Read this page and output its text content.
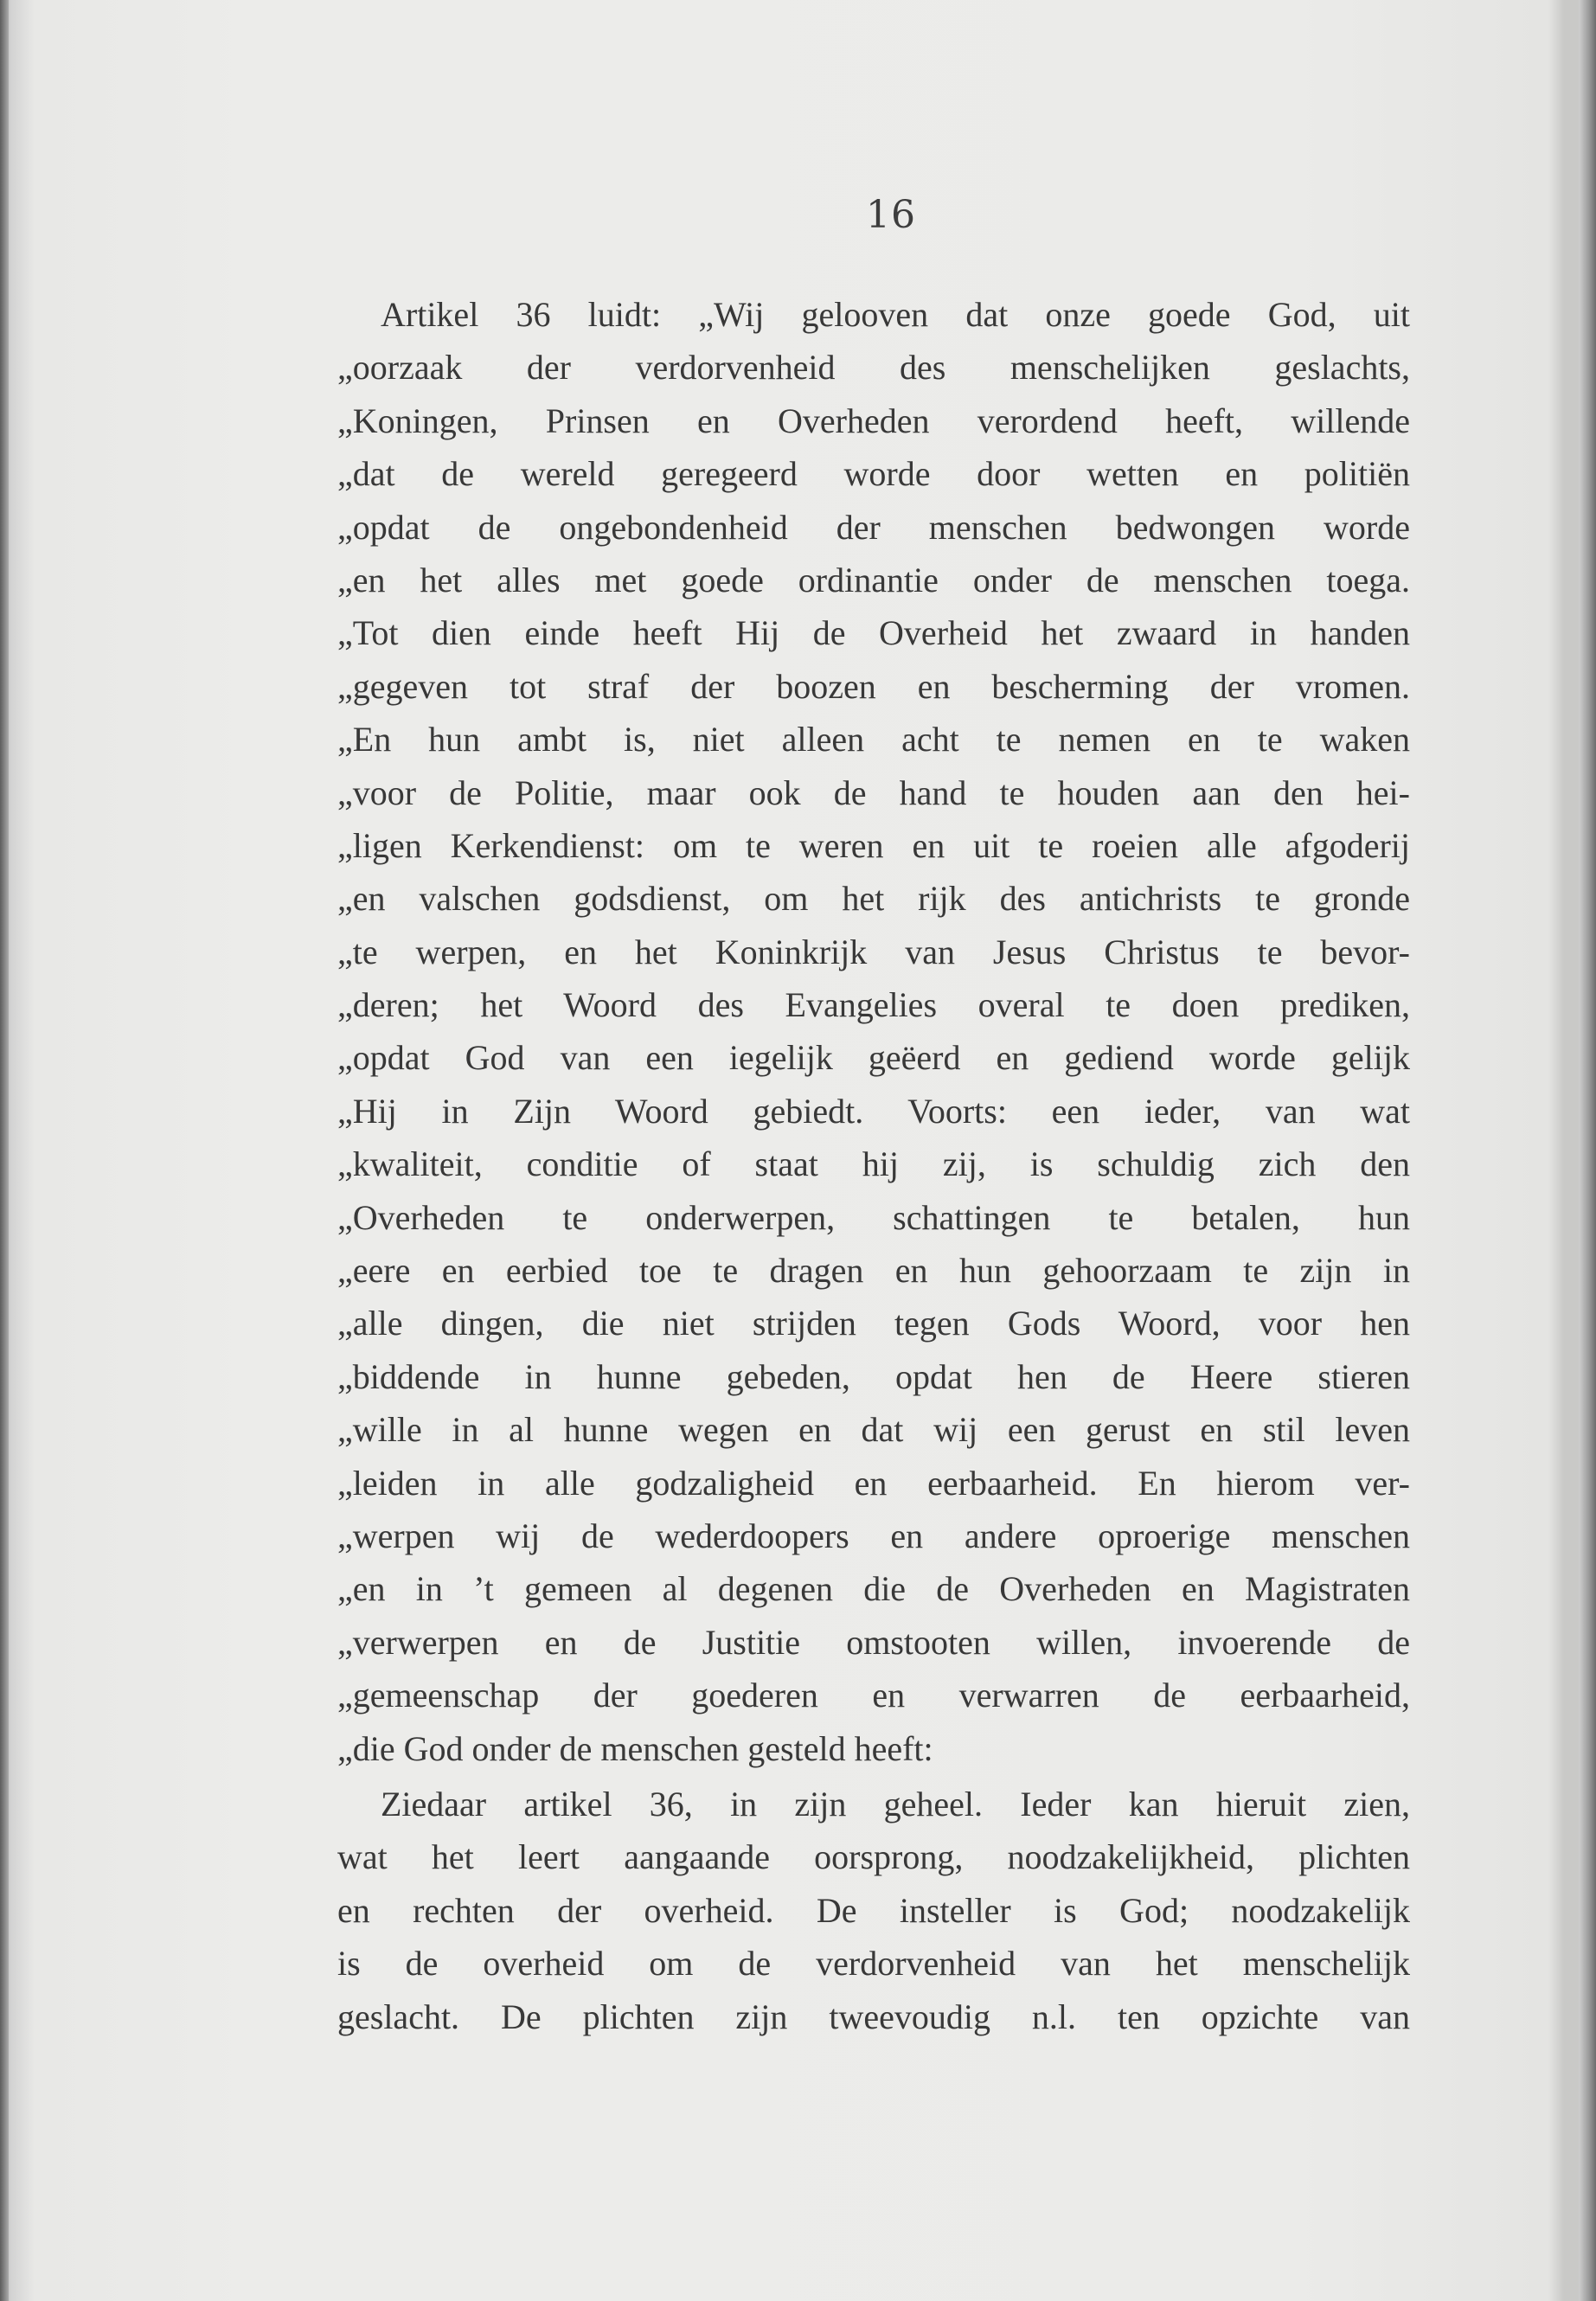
16
Artikel 36 luidt: „Wij gelooven dat onze goede God, uit
„oorzaak der verdorvenheid des menschelijken geslachts,
„Koningen, Prinsen en Overheden verordend heeft, willende
„dat de wereld geregeerd worde door wetten en politiën
„opdat de ongebondenheid der menschen bedwongen worde
„en het alles met goede ordinantie onder de menschen toega.
„Tot dien einde heeft Hij de Overheid het zwaard in handen
„gegeven tot straf der boozen en bescherming der vromen.
„En hun ambt is, niet alleen acht te nemen en te waken
„voor de Politie, maar ook de hand te houden aan den hei-
„ligen Kerkendienst: om te weren en uit te roeien alle afgoderij
„en valschen godsdienst, om het rijk des antichrists te gronde
„te werpen, en het Koninkrijk van Jesus Christus te bevor-
„deren; het Woord des Evangelies overal te doen prediken,
„opdat God van een iegelijk geëerd en gediend worde gelijk
„Hij in Zijn Woord gebiedt. Voorts: een ieder, van wat
„kwaliteit, conditie of staat hij zij, is schuldig zich den
„Overheden te onderwerpen, schattingen te betalen, hun
„eere en eerbied toe te dragen en hun gehoorzaam te zijn in
„alle dingen, die niet strijden tegen Gods Woord, voor hen
„biddende in hunne gebeden, opdat hen de Heere stieren
„wille in al hunne wegen en dat wij een gerust en stil leven
„leiden in alle godzaligheid en eerbaarheid. En hierom ver-
„werpen wij de wederdoopers en andere oproerige menschen
„en in ’t gemeen al degenen die de Overheden en Magistraten
„verwerpen en de Justitie omstooten willen, invoerende de
„gemeenschap der goederen en verwarren de eerbaarheid,
„die God onder de menschen gesteld heeft:
Ziedaar artikel 36, in zijn geheel. Ieder kan hieruit zien,
wat het leert aangaande oorsprong, noodzakelijkheid, plichten
en rechten der overheid. De insteller is God; noodzakelijk
is de overheid om de verdorvenheid van het menschelijk
geslacht. De plichten zijn tweevoudig n.l. ten opzichte van
